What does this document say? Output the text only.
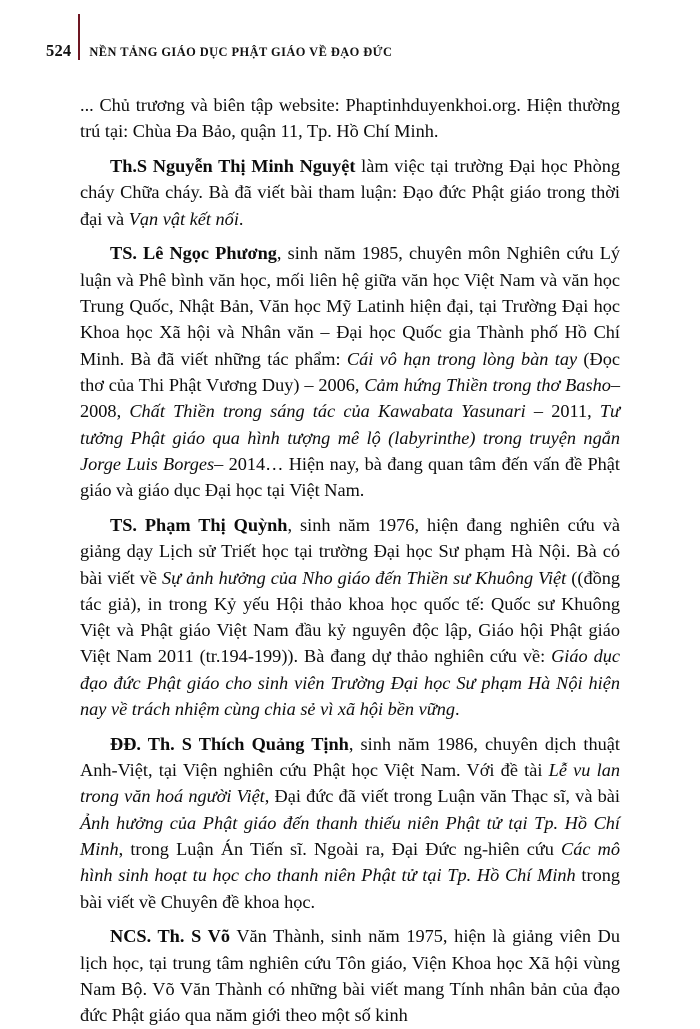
524 NỀN TẢNG GIÁO DỤC PHẬT GIÁO VỀ ĐẠO ĐỨC

... Chủ trương và biên tập website: Phaptinhduyenkhoi.org. Hiện thường trú tại: Chùa Đa Bảo, quận 11, Tp. Hồ Chí Minh.

Th.S Nguyễn Thị Minh Nguyệt làm việc tại trường Đại học Phòng cháy Chữa cháy. Bà đã viết bài tham luận: Đạo đức Phật giáo trong thời đại và Vạn vật kết nối.

TS. Lê Ngọc Phương, sinh năm 1985, chuyên môn Nghiên cứu Lý luận và Phê bình văn học, mối liên hệ giữa văn học Việt Nam và văn học Trung Quốc, Nhật Bản, Văn học Mỹ Latinh hiện đại, tại Trường Đại học Khoa học Xã hội và Nhân văn – Đại học Quốc gia Thành phố Hồ Chí Minh. Bà đã viết những tác phẩm: Cái vô hạn trong lòng bàn tay (Đọc thơ của Thi Phật Vương Duy) – 2006, Cảm hứng Thiền trong thơ Basho– 2008, Chất Thiền trong sáng tác của Kawabata Yasunari – 2011, Tư tưởng Phật giáo qua hình tượng mê lộ (labyrinthe) trong truyện ngắn Jorge Luis Borges– 2014… Hiện nay, bà đang quan tâm đến vấn đề Phật giáo và giáo dục Đại học tại Việt Nam.

TS. Phạm Thị Quỳnh, sinh năm 1976, hiện đang nghiên cứu và giảng dạy Lịch sử Triết học tại trường Đại học Sư phạm Hà Nội. Bà có bài viết về Sự ảnh hưởng của Nho giáo đến Thiền sư Khuông Việt ((đồng tác giả), in trong Kỷ yếu Hội thảo khoa học quốc tế: Quốc sư Khuông Việt và Phật giáo Việt Nam đầu kỷ nguyên độc lập, Giáo hội Phật giáo Việt Nam 2011 (tr.194-199)). Bà đang dự thảo nghiên cứu về: Giáo dục đạo đức Phật giáo cho sinh viên Trường Đại học Sư phạm Hà Nội hiện nay về trách nhiệm cùng chia sẻ vì xã hội bền vững.

ĐĐ. Th. S Thích Quảng Tịnh, sinh năm 1986, chuyên dịch thuật Anh-Việt, tại Viện nghiên cứu Phật học Việt Nam. Với đề tài Lễ vu lan trong văn hoá người Việt, Đại đức đã viết trong Luận văn Thạc sĩ, và bài Ảnh hưởng của Phật giáo đến thanh thiếu niên Phật tử tại Tp. Hồ Chí Minh, trong Luận Án Tiến sĩ. Ngoài ra, Đại Đức ng-hiên cứu Các mô hình sinh hoạt tu học cho thanh niên Phật tử tại Tp. Hồ Chí Minh trong bài viết về Chuyên đề khoa học.

NCS. Th. S Võ Văn Thành, sinh năm 1975, hiện là giảng viên Du lịch học, tại trung tâm nghiên cứu Tôn giáo, Viện Khoa học Xã hội vùng Nam Bộ. Võ Văn Thành có những bài viết mang Tính nhân bản của đạo đức Phật giáo qua năm giới theo một số kinh
